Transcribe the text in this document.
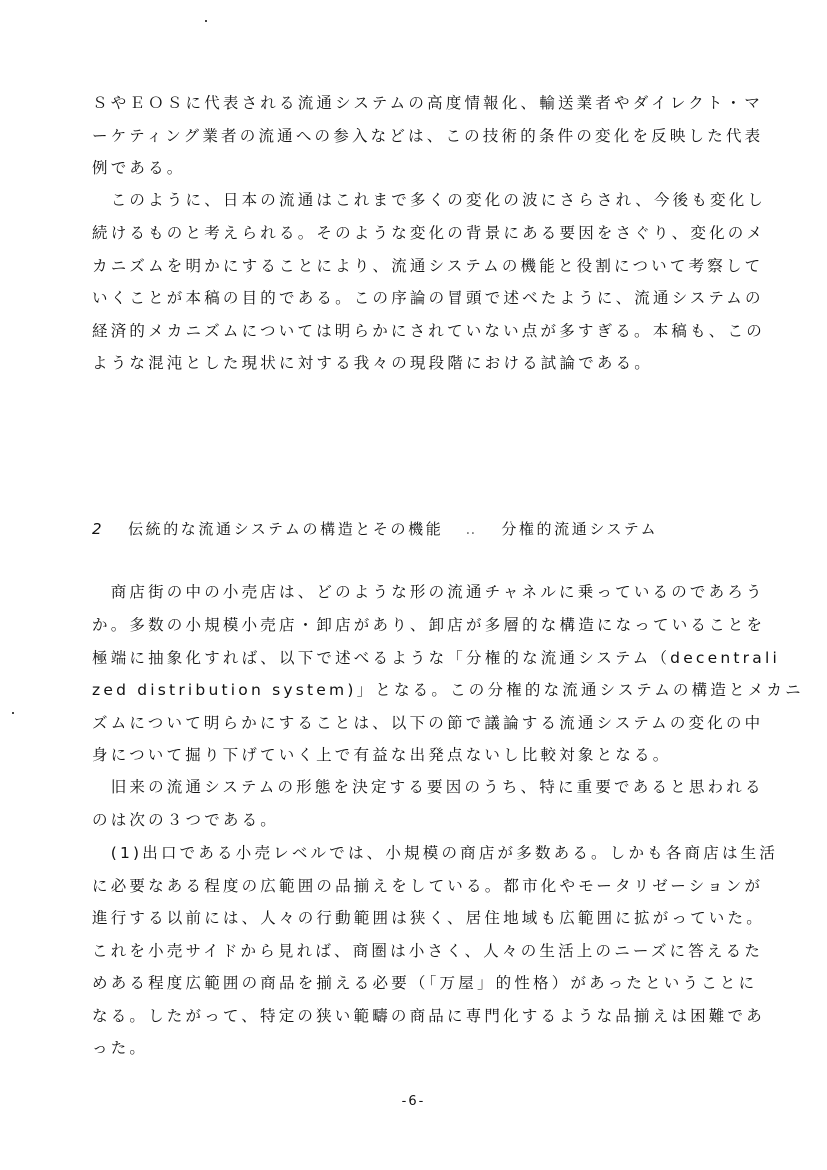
ＳやＥＯＳに代表される流通システムの高度情報化、輸送業者やダイレクト・マ
ーケティング業者の流通への参入などは、この技術的条件の変化を反映した代表
例である。
　このように、日本の流通はこれまで多くの変化の波にさらされ、今後も変化し
続けるものと考えられる。そのような変化の背景にある要因をさぐり、変化のメ
カニズムを明かにすることにより、流通システムの機能と役割について考察して
いくことが本稿の目的である。この序論の冒頭で述べたように、流通システムの
経済的メカニズムについては明らかにされていない点が多すぎる。本稿も、この
ような混沌とした現状に対する我々の現段階における試論である。
2 伝統的な流通システムの構造とその機能 ‥ 分権的流通システム
　商店街の中の小売店は、どのような形の流通チャネルに乗っているのであろう
か。多数の小規模小売店・卸店があり、卸店が多層的な構造になっていることを
極端に抽象化すれば、以下で述べるような「分権的な流通システム（decentrali
zed distribution system)」となる。この分権的な流通システムの構造とメカニ
ズムについて明らかにすることは、以下の節で議論する流通システムの変化の中
身について掘り下げていく上で有益な出発点ないし比較対象となる。
　旧来の流通システムの形態を決定する要因のうち、特に重要であると思われる
のは次の３つである。
　(1)出口である小売レベルでは、小規模の商店が多数ある。しかも各商店は生活
に必要なある程度の広範囲の品揃えをしている。都市化やモータリゼーションが
進行する以前には、人々の行動範囲は狭く、居住地域も広範囲に拡がっていた。
これを小売サイドから見れば、商圏は小さく、人々の生活上のニーズに答えるた
めある程度広範囲の商品を揃える必要（「万屋」的性格）があったということに
なる。したがって、特定の狭い範疇の商品に専門化するような品揃えは困難であ
った。
-6-
